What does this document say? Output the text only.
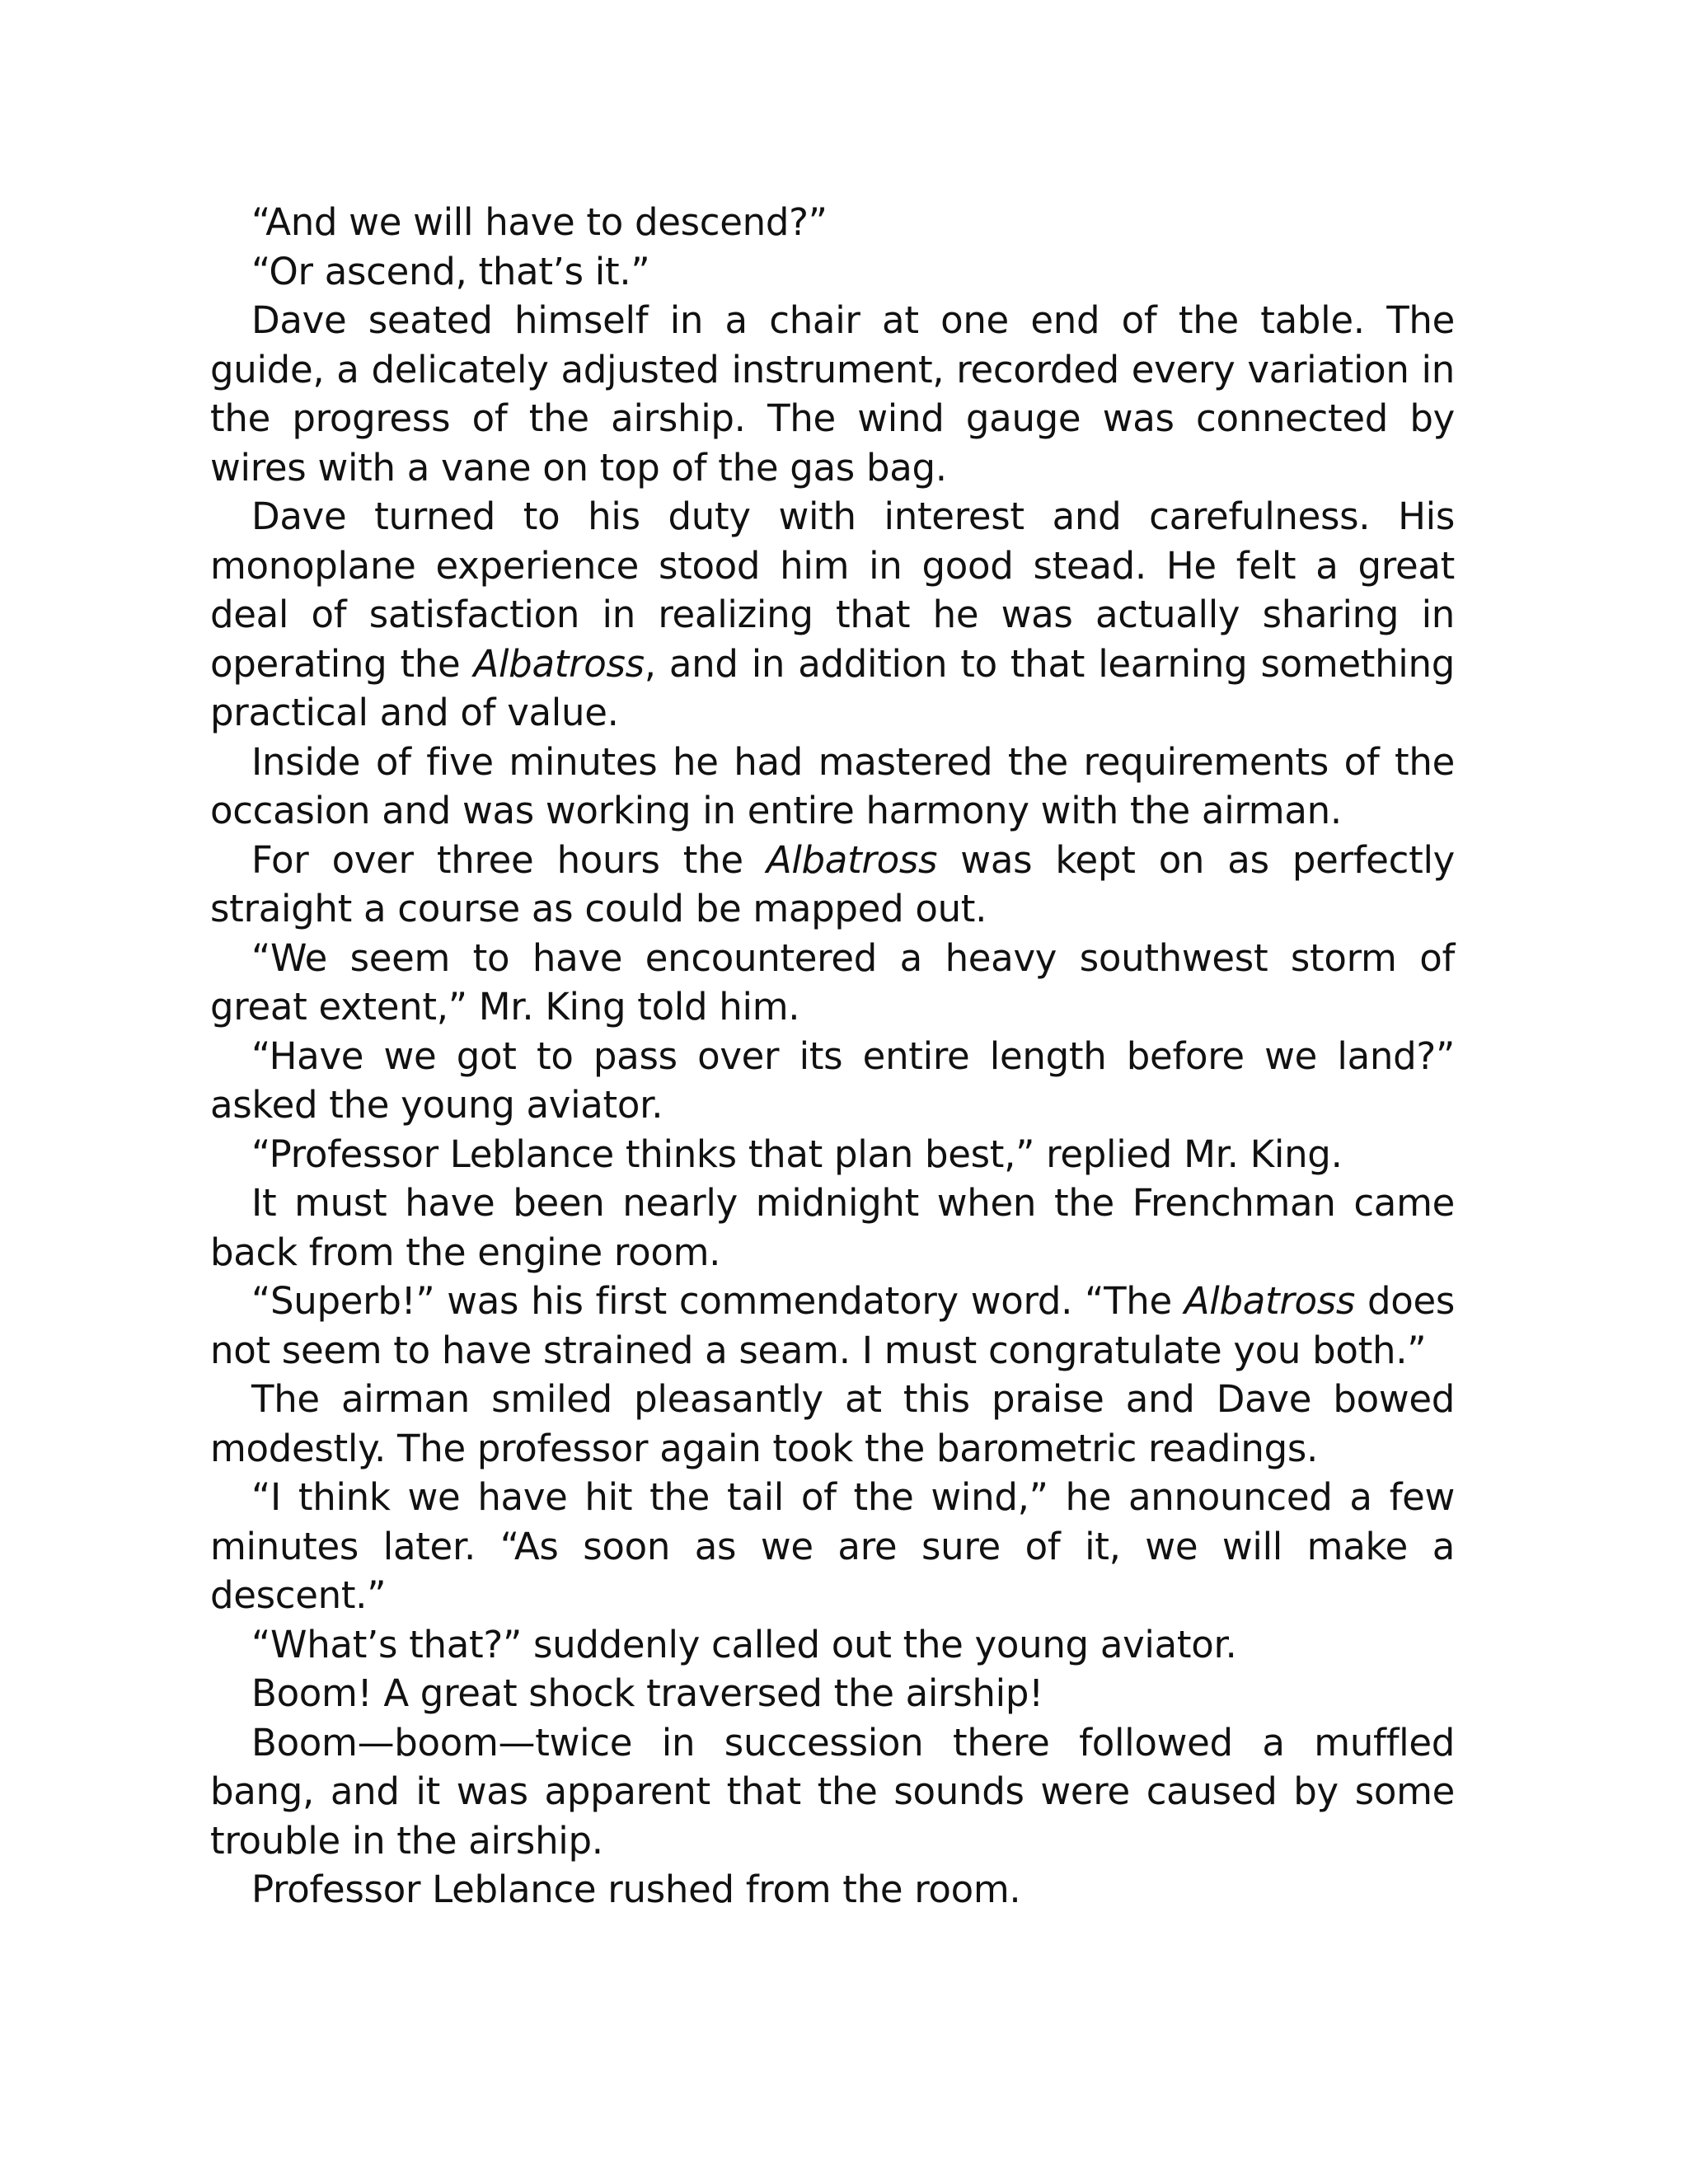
“And we will have to descend?”

“Or ascend, that’s it.”

Dave seated himself in a chair at one end of the table. The guide, a delicately adjusted instrument, recorded every variation in the progress of the airship. The wind gauge was connected by wires with a vane on top of the gas bag.

Dave turned to his duty with interest and carefulness. His monoplane experience stood him in good stead. He felt a great deal of satisfaction in realizing that he was actually sharing in operating the Albatross, and in addition to that learning something practical and of value.

Inside of five minutes he had mastered the requirements of the occasion and was working in entire harmony with the airman.

For over three hours the Albatross was kept on as perfectly straight a course as could be mapped out.

“We seem to have encountered a heavy southwest storm of great extent,” Mr. King told him.

“Have we got to pass over its entire length before we land?” asked the young aviator.

“Professor Leblance thinks that plan best,” replied Mr. King.

It must have been nearly midnight when the Frenchman came back from the engine room.

“Superb!” was his first commendatory word. “The Albatross does not seem to have strained a seam. I must congratulate you both.”

The airman smiled pleasantly at this praise and Dave bowed modestly. The professor again took the barometric readings.

“I think we have hit the tail of the wind,” he announced a few minutes later. “As soon as we are sure of it, we will make a descent.”

“What’s that?” suddenly called out the young aviator.

Boom! A great shock traversed the airship!

Boom—boom—twice in succession there followed a muffled bang, and it was apparent that the sounds were caused by some trouble in the airship.

Professor Leblance rushed from the room.
